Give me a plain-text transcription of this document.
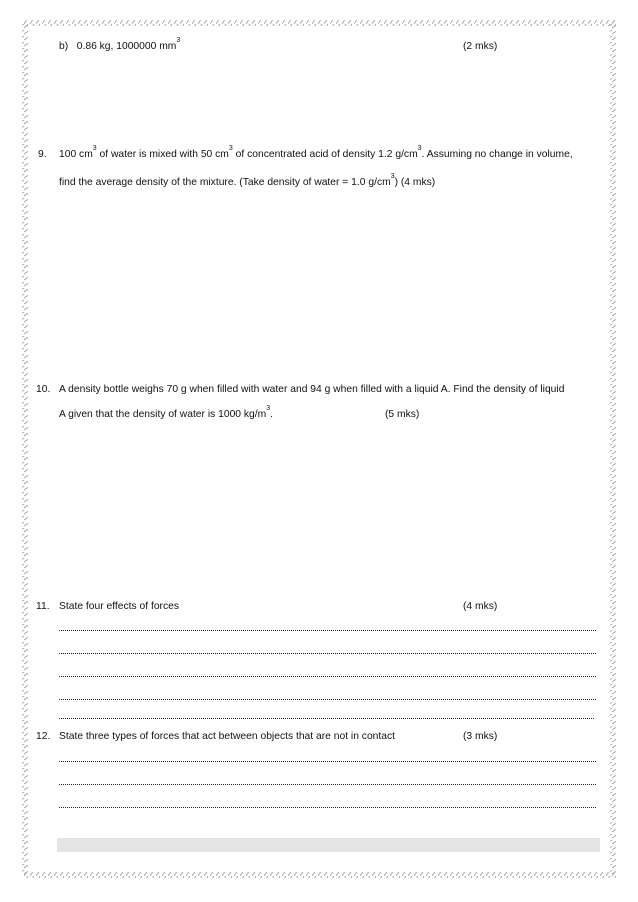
b) 0.86 kg, 1000000 $mm^3$
(2 mks)
9. 100 $cm^3$ of water is mixed with 50 $cm^3$ of concentrated acid of density 1.2 $g/cm^3$. Assuming no change in volume,
find the average density of the mixture. (Take density of water = 1.0 $g/cm^3$) (4 mks)
10. A density bottle weighs 70 g when filled with water and 94 g when filled with a liquid A. Find the density of liquid
A given that the density of water is 1000 $kg/m^3$.	(5 mks)
11. State four effects of forces	(4 mks)
12. State three types of forces that act between objects that are not in contact	(3 mks)
